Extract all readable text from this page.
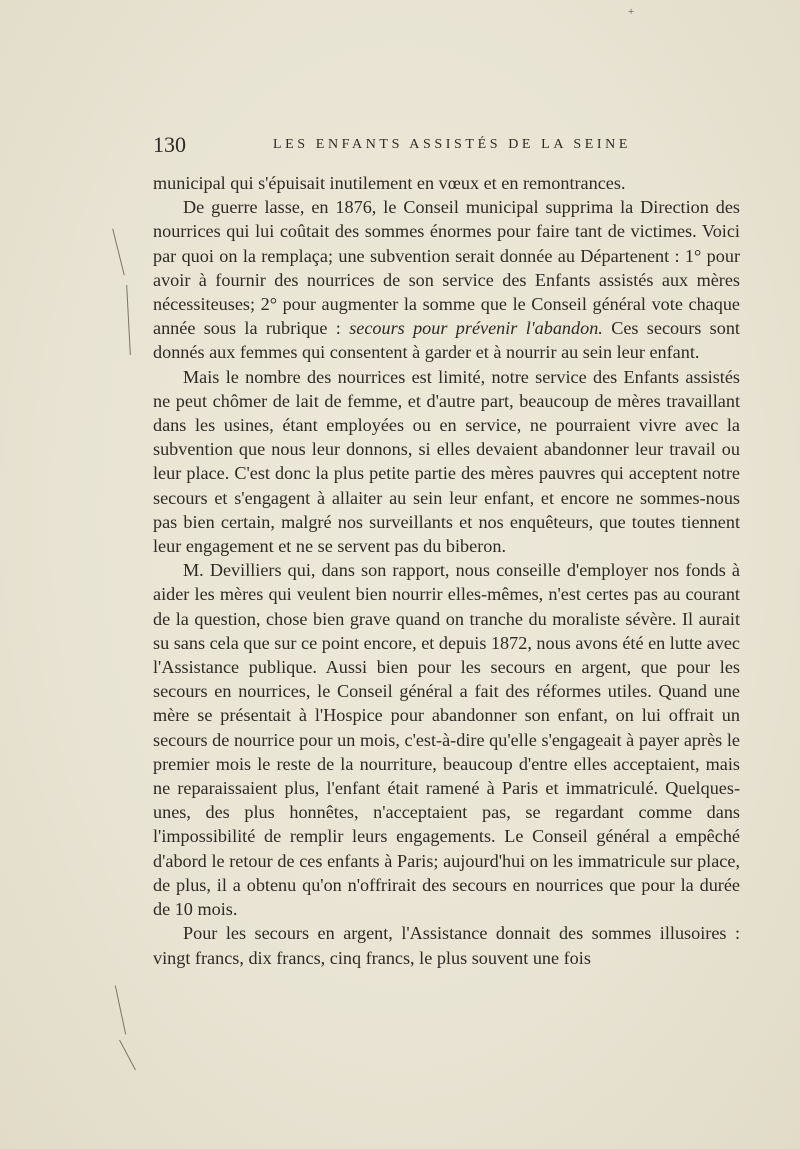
+
130	LES ENFANTS ASSISTÉS DE LA SEINE

municipal qui s'épuisait inutilement en vœux et en remontrances.

De guerre lasse, en 1876, le Conseil municipal supprima la Direction des nourrices qui lui coûtait des sommes énormes pour faire tant de victimes. Voici par quoi on la remplaça; une subvention serait donnée au Départenent : 1° pour avoir à fournir des nourrices de son service des Enfants assistés aux mères nécessiteuses; 2° pour augmenter la somme que le Conseil général vote chaque année sous la rubrique : secours pour prévenir l'abandon. Ces secours sont donnés aux femmes qui consentent à garder et à nourrir au sein leur enfant.

Mais le nombre des nourrices est limité, notre service des Enfants assistés ne peut chômer de lait de femme, et d'autre part, beaucoup de mères travaillant dans les usines, étant employées ou en service, ne pourraient vivre avec la subvention que nous leur donnons, si elles devaient abandonner leur travail ou leur place. C'est donc la plus petite partie des mères pauvres qui acceptent notre secours et s'engagent à allaiter au sein leur enfant, et encore ne sommes-nous pas bien certain, malgré nos surveillants et nos enquêteurs, que toutes tiennent leur engagement et ne se servent pas du biberon.

M. Devilliers qui, dans son rapport, nous conseille d'employer nos fonds à aider les mères qui veulent bien nourrir elles-mêmes, n'est certes pas au courant de la question, chose bien grave quand on tranche du moraliste sévère. Il aurait su sans cela que sur ce point encore, et depuis 1872, nous avons été en lutte avec l'Assistance publique. Aussi bien pour les secours en argent, que pour les secours en nourrices, le Conseil général a fait des réformes utiles. Quand une mère se présentait à l'Hospice pour abandonner son enfant, on lui offrait un secours de nourrice pour un mois, c'est-à-dire qu'elle s'engageait à payer après le premier mois le reste de la nourriture, beaucoup d'entre elles acceptaient, mais ne reparaissaient plus, l'enfant était ramené à Paris et immatriculé. Quelques-unes, des plus honnêtes, n'acceptaient pas, se regardant comme dans l'impossibilité de remplir leurs engagements. Le Conseil général a empêché d'abord le retour de ces enfants à Paris; aujourd'hui on les immatricule sur place, de plus, il a obtenu qu'on n'offrirait des secours en nourrices que pour la durée de 10 mois.

Pour les secours en argent, l'Assistance donnait des sommes illusoires : vingt francs, dix francs, cinq francs, le plus souvent une fois
